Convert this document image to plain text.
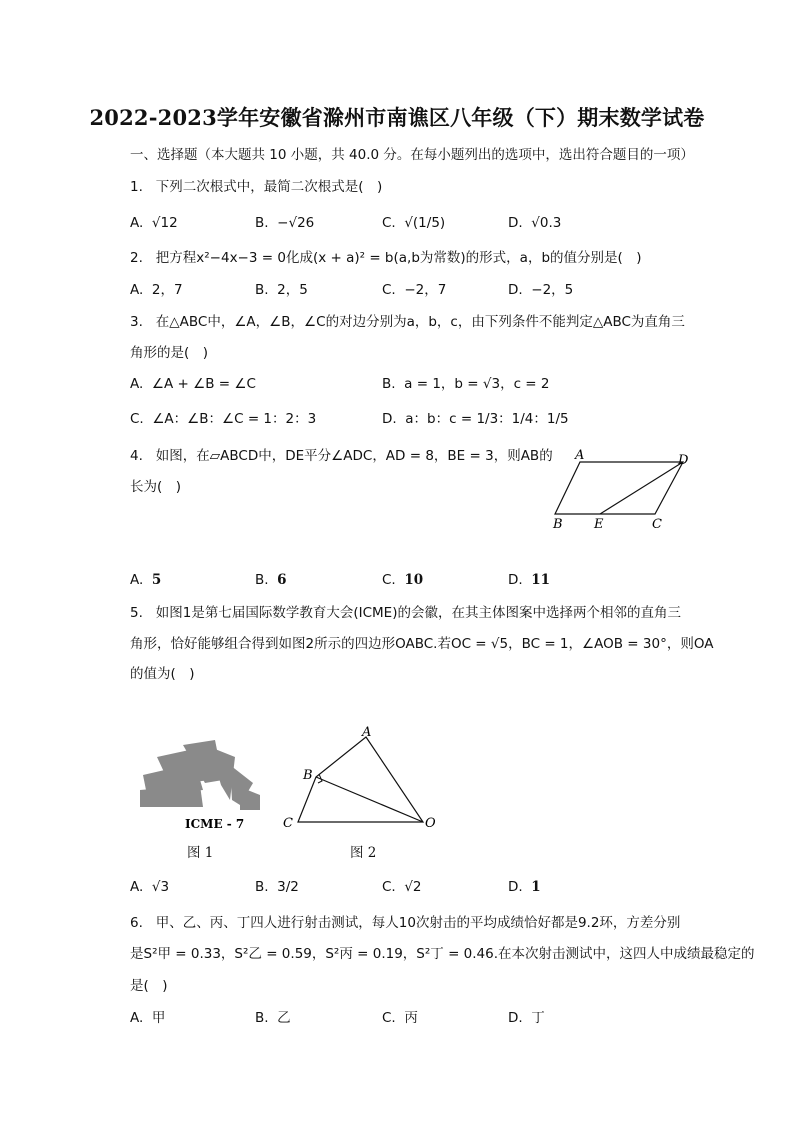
2022-2023学年安徽省滁州市南谯区八年级（下）期末数学试卷
一、选择题（本大题共 10 小题，共 40.0 分。在每小题列出的选项中，选出符合题目的一项）
1. 下列二次根式中，最简二次根式是(　)
A. √12	B. −√26	C. √(1/5)	D. √0.3
2. 把方程x²−4x−3 = 0化成(x + a)² = b(a,b为常数)的形式，a，b的值分别是(　)
A. 2，7	B. 2，5	C. −2，7	D. −2，5
3. 在△ABC中，∠A，∠B，∠C的对边分别为a，b，c，由下列条件不能判定△ABC为直角三
角形的是(　)
A. ∠A + ∠B = ∠C	B. a = 1，b = √3，c = 2
C. ∠A：∠B：∠C = 1：2：3	D. a：b：c = 1/3：1/4：1/5
4. 如图，在▱ABCD中，DE平分∠ADC，AD = 8，BE = 3，则AB的
长为(　)
A	D
B E	C
A. 5	B. 6	C. 10	D. 11
5. 如图1是第七届国际数学教育大会(ICME)的会徽，在其主体图案中选择两个相邻的直角三
角形，恰好能够组合得到如图2所示的四边形OABC.若OC = √5，BC = 1，∠AOB = 30°，则OA
的值为(　)
ICME - 7
图 1
A
B
C	O
图 2
A. √3	B. 3/2	C. √2	D. 1
6. 甲、乙、丙、丁四人进行射击测试，每人10次射击的平均成绩恰好都是9.2环，方差分别
是S²甲 = 0.33，S²乙 = 0.59，S²丙 = 0.19，S²丁 = 0.46.在本次射击测试中，这四人中成绩最稳定的
是(　)
A. 甲	B. 乙	C. 丙	D. 丁
